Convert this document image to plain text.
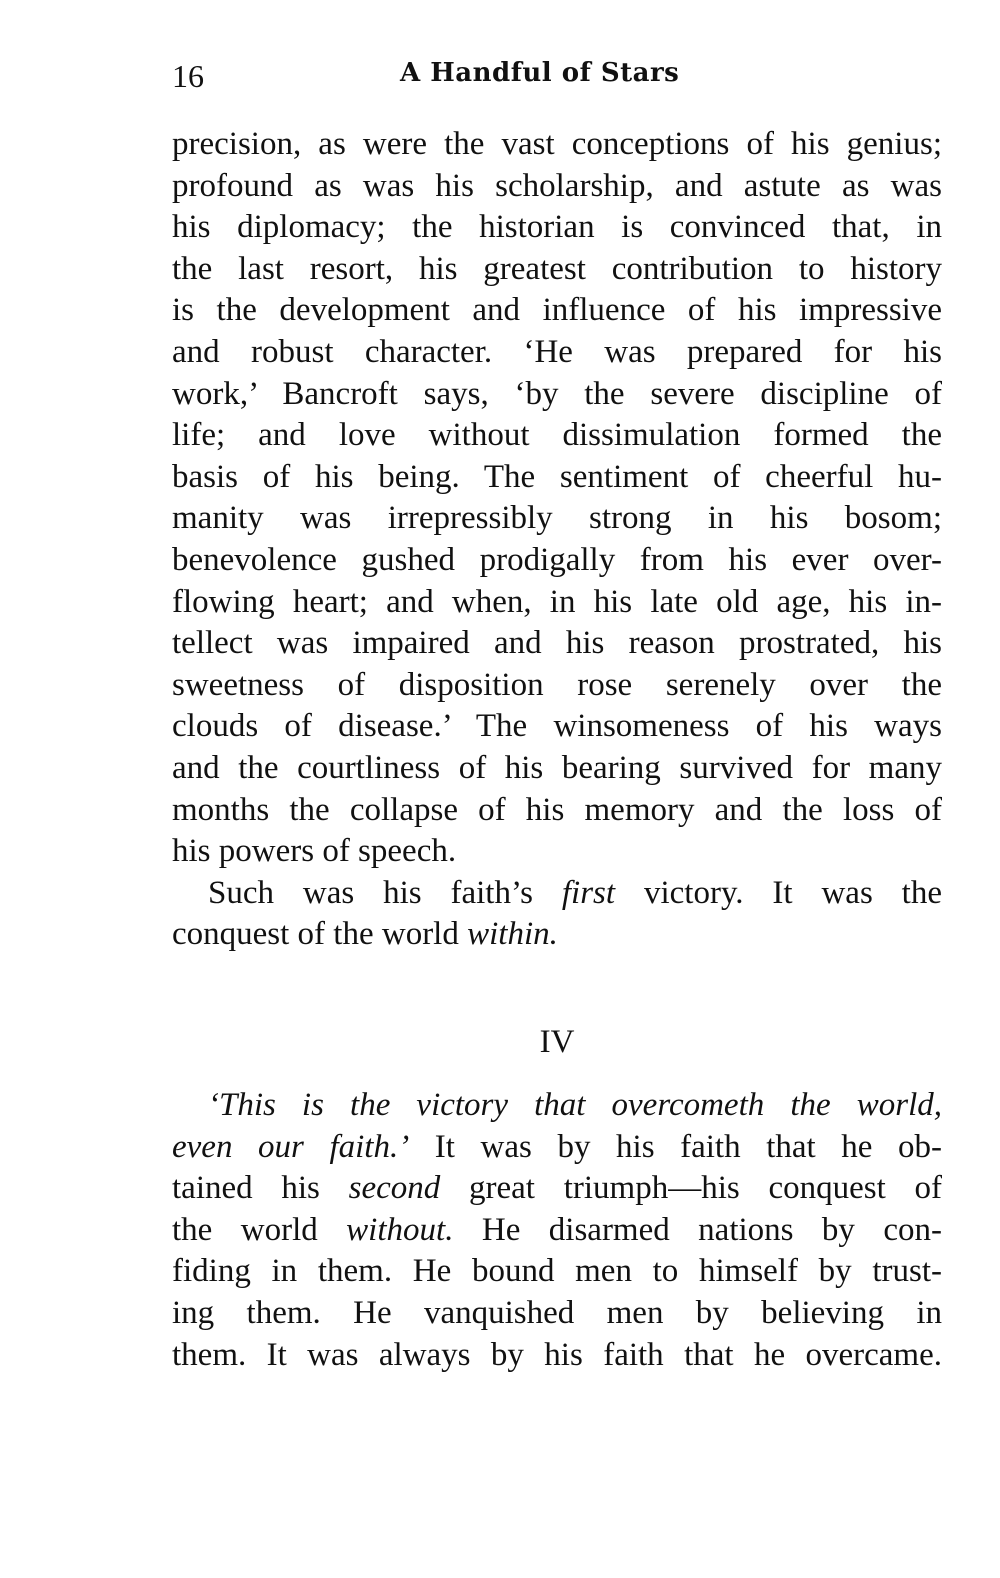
16	A Handful of Stars
precision, as were the vast conceptions of his genius;
profound as was his scholarship, and astute as was
his diplomacy; the historian is convinced that, in
the last resort, his greatest contribution to history
is the development and influence of his impressive
and robust character. ‘He was prepared for his
work,’ Bancroft says, ‘by the severe discipline of
life; and love without dissimulation formed the
basis of his being. The sentiment of cheerful hu-
manity was irrepressibly strong in his bosom;
benevolence gushed prodigally from his ever over-
flowing heart; and when, in his late old age, his in-
tellect was impaired and his reason prostrated, his
sweetness of disposition rose serenely over the
clouds of disease.’ The winsomeness of his ways
and the courtliness of his bearing survived for many
months the collapse of his memory and the loss of
his powers of speech.
Such was his faith’s first victory. It was the
conquest of the world within.
IV
‘This is the victory that overcometh the world,
even our faith.’ It was by his faith that he ob-
tained his second great triumph—his conquest of
the world without. He disarmed nations by con-
fiding in them. He bound men to himself by trust-
ing them. He vanquished men by believing in
them. It was always by his faith that he overcame.
